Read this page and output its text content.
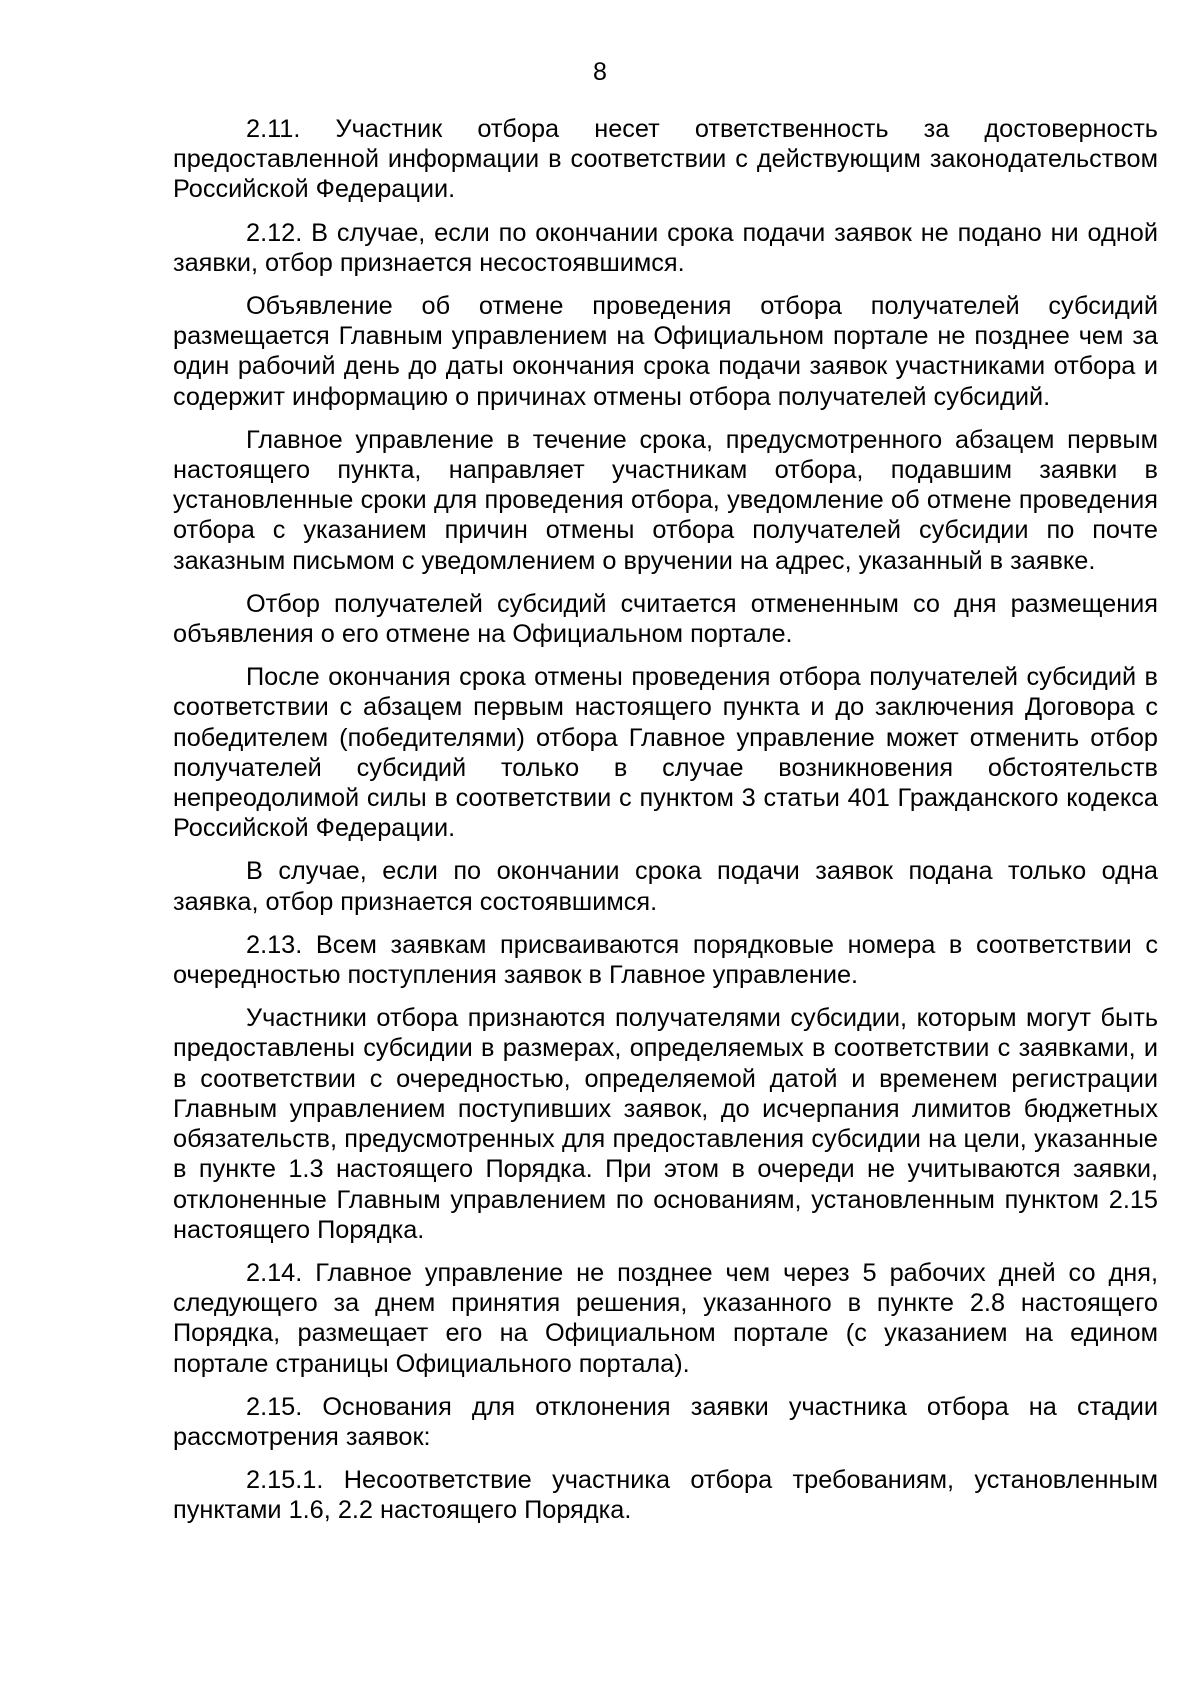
8

2.11. Участник отбора несет ответственность за достоверность предоставленной информации в соответствии с действующим законодательством Российской Федерации.

2.12. В случае, если по окончании срока подачи заявок не подано ни одной заявки, отбор признается несостоявшимся.

Объявление об отмене проведения отбора получателей субсидий размещается Главным управлением на Официальном портале не позднее чем за один рабочий день до даты окончания срока подачи заявок участниками отбора и содержит информацию о причинах отмены отбора получателей субсидий.

Главное управление в течение срока, предусмотренного абзацем первым настоящего пункта, направляет участникам отбора, подавшим заявки в установленные сроки для проведения отбора, уведомление об отмене проведения отбора с указанием причин отмены отбора получателей субсидии по почте заказным письмом с уведомлением о вручении на адрес, указанный в заявке.

Отбор получателей субсидий считается отмененным со дня размещения объявления о его отмене на Официальном портале.

После окончания срока отмены проведения отбора получателей субсидий в соответствии с абзацем первым настоящего пункта и до заключения Договора с победителем (победителями) отбора Главное управление может отменить отбор получателей субсидий только в случае возникновения обстоятельств непреодолимой силы в соответствии с пунктом 3 статьи 401 Гражданского кодекса Российской Федерации.

В случае, если по окончании срока подачи заявок подана только одна заявка, отбор признается состоявшимся.

2.13. Всем заявкам присваиваются порядковые номера в соответствии с очередностью поступления заявок в Главное управление.

Участники отбора признаются получателями субсидии, которым могут быть предоставлены субсидии в размерах, определяемых в соответствии с заявками, и в соответствии с очередностью, определяемой датой и временем регистрации Главным управлением поступивших заявок, до исчерпания лимитов бюджетных обязательств, предусмотренных для предоставления субсидии на цели, указанные в пункте 1.3 настоящего Порядка. При этом в очереди не учитываются заявки, отклоненные Главным управлением по основаниям, установленным пунктом 2.15 настоящего Порядка.

2.14. Главное управление не позднее чем через 5 рабочих дней со дня, следующего за днем принятия решения, указанного в пункте 2.8 настоящего Порядка, размещает его на Официальном портале (с указанием на едином портале страницы Официального портала).

2.15. Основания для отклонения заявки участника отбора на стадии рассмотрения заявок:

2.15.1. Несоответствие участника отбора требованиям, установленным пунктами 1.6, 2.2 настоящего Порядка.
